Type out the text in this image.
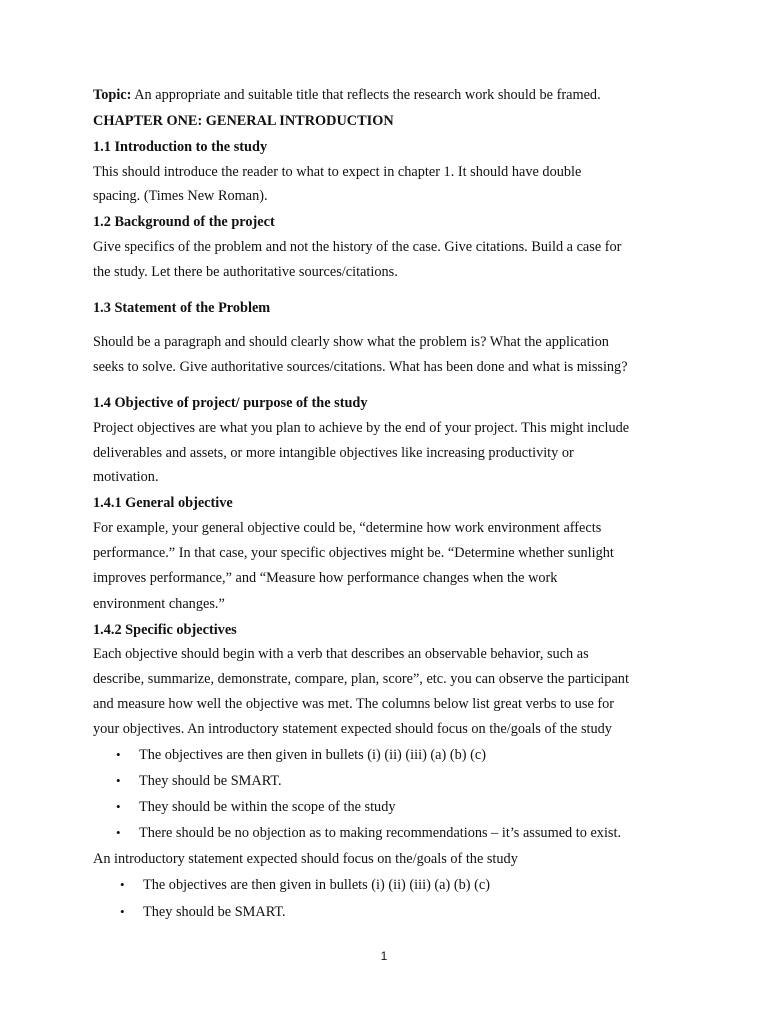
Topic: An appropriate and suitable title that reflects the research work should be framed.
CHAPTER ONE: GENERAL INTRODUCTION
1.1 Introduction to the study
This should introduce the reader to what to expect in chapter 1. It should have double
spacing. (Times New Roman).
1.2 Background of the project
Give specifics of the problem and not the history of the case. Give citations. Build a case for
the study. Let there be authoritative sources/citations.
1.3 Statement of the Problem
Should be a paragraph and should clearly show what the problem is? What the application
seeks to solve. Give authoritative sources/citations. What has been done and what is missing?
1.4 Objective of project/ purpose of the study
Project objectives are what you plan to achieve by the end of your project. This might include
deliverables and assets, or more intangible objectives like increasing productivity or
motivation.
1.4.1 General objective
For example, your general objective could be, “determine how work environment affects
performance.” In that case, your specific objectives might be. “Determine whether sunlight
improves performance,” and “Measure how performance changes when the work
environment changes.”
1.4.2 Specific objectives
Each objective should begin with a verb that describes an observable behavior, such as
describe, summarize, demonstrate, compare, plan, score”, etc. you can observe the participant
and measure how well the objective was met. The columns below list great verbs to use for
your objectives. An introductory statement expected should focus on the/goals of the study
• The objectives are then given in bullets (i) (ii) (iii) (a) (b) (c)
• They should be SMART.
• They should be within the scope of the study
• There should be no objection as to making recommendations – it’s assumed to exist.
An introductory statement expected should focus on the/goals of the study
• The objectives are then given in bullets (i) (ii) (iii) (a) (b) (c)
• They should be SMART.
1
